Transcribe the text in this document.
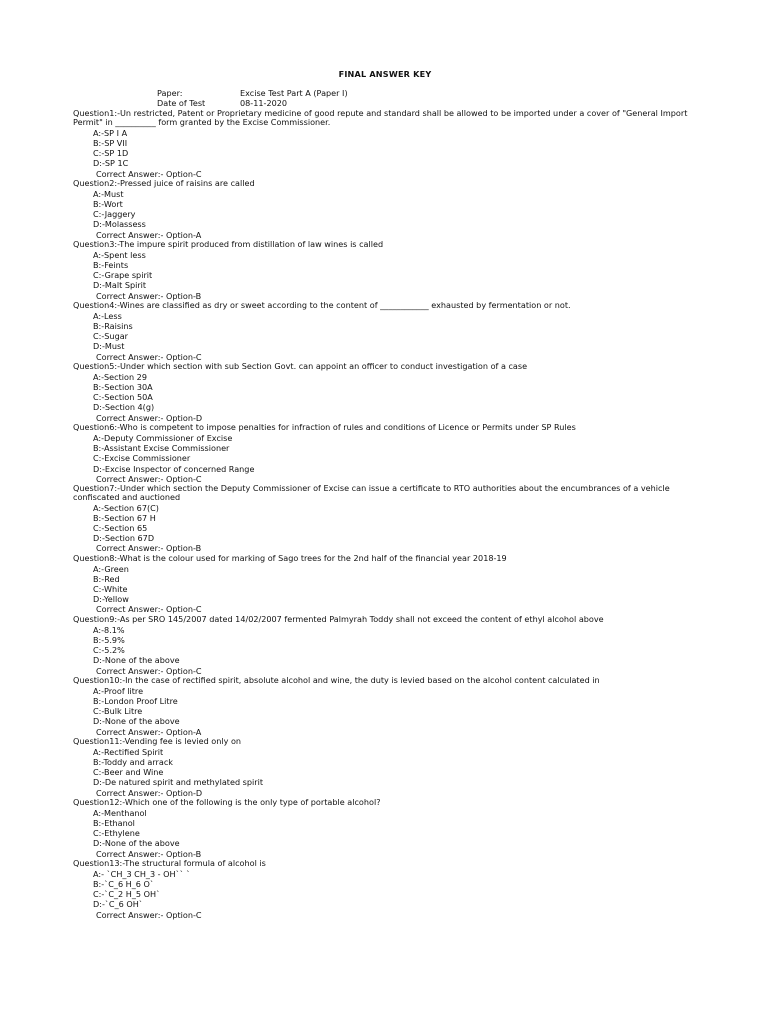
FINAL ANSWER KEY
Paper:	Excise Test Part A (Paper I)
Date of Test	08-11-2020
Question1:-Un restricted, Patent or Proprietary medicine of good repute and standard shall be allowed to be imported under a cover of "General Import Permit" in __________ form granted by the Excise Commissioner.
A:-SP I A
B:-SP VII
C:-SP 1D
D:-SP 1C
Correct Answer:- Option-C
Question2:-Pressed juice of raisins are called
A:-Must
B:-Wort
C:-Jaggery
D:-Molassess
Correct Answer:- Option-A
Question3:-The impure spirit produced from distillation of law wines is called
A:-Spent less
B:-Feints
C:-Grape spirit
D:-Malt Spirit
Correct Answer:- Option-B
Question4:-Wines are classified as dry or sweet according to the content of ____________ exhausted by fermentation or not.
A:-Less
B:-Raisins
C:-Sugar
D:-Must
Correct Answer:- Option-C
Question5:-Under which section with sub Section Govt. can appoint an officer to conduct investigation of a case
A:-Section 29
B:-Section 30A
C:-Section 50A
D:-Section 4(g)
Correct Answer:- Option-D
Question6:-Who is competent to impose penalties for infraction of rules and conditions of Licence or Permits under SP Rules
A:-Deputy Commissioner of Excise
B:-Assistant Excise Commissioner
C:-Excise Commissioner
D:-Excise Inspector of concerned Range
Correct Answer:- Option-C
Question7:-Under which section the Deputy Commissioner of Excise can issue a certificate to RTO authorities about the encumbrances of a vehicle confiscated and auctioned
A:-Section 67(C)
B:-Section 67 H
C:-Section 65
D:-Section 67D
Correct Answer:- Option-B
Question8:-What is the colour used for marking of Sago trees for the 2nd half of the financial year 2018-19
A:-Green
B:-Red
C:-White
D:-Yellow
Correct Answer:- Option-C
Question9:-As per SRO 145/2007 dated 14/02/2007 fermented Palmyrah Toddy shall not exceed the content of ethyl alcohol above
A:-8.1%
B:-5.9%
C:-5.2%
D:-None of the above
Correct Answer:- Option-C
Question10:-In the case of rectified spirit, absolute alcohol and wine, the duty is levied based on the alcohol content calculated in
A:-Proof litre
B:-London Proof Litre
C:-Bulk Litre
D:-None of the above
Correct Answer:- Option-A
Question11:-Vending fee is levied only on
A:-Rectified Spirit
B:-Toddy and arrack
C:-Beer and Wine
D:-De natured spirit and methylated spirit
Correct Answer:- Option-D
Question12:-Which one of the following is the only type of portable alcohol?
A:-Menthanol
B:-Ethanol
C:-Ethylene
D:-None of the above
Correct Answer:- Option-B
Question13:-The structural formula of alcohol is
A:- `CH_3 CH_3 - OH`` `
B:-`C_6 H_6 O`
C:-`C_2 H_5 OH`
D:-`C_6 OH`
Correct Answer:- Option-C
